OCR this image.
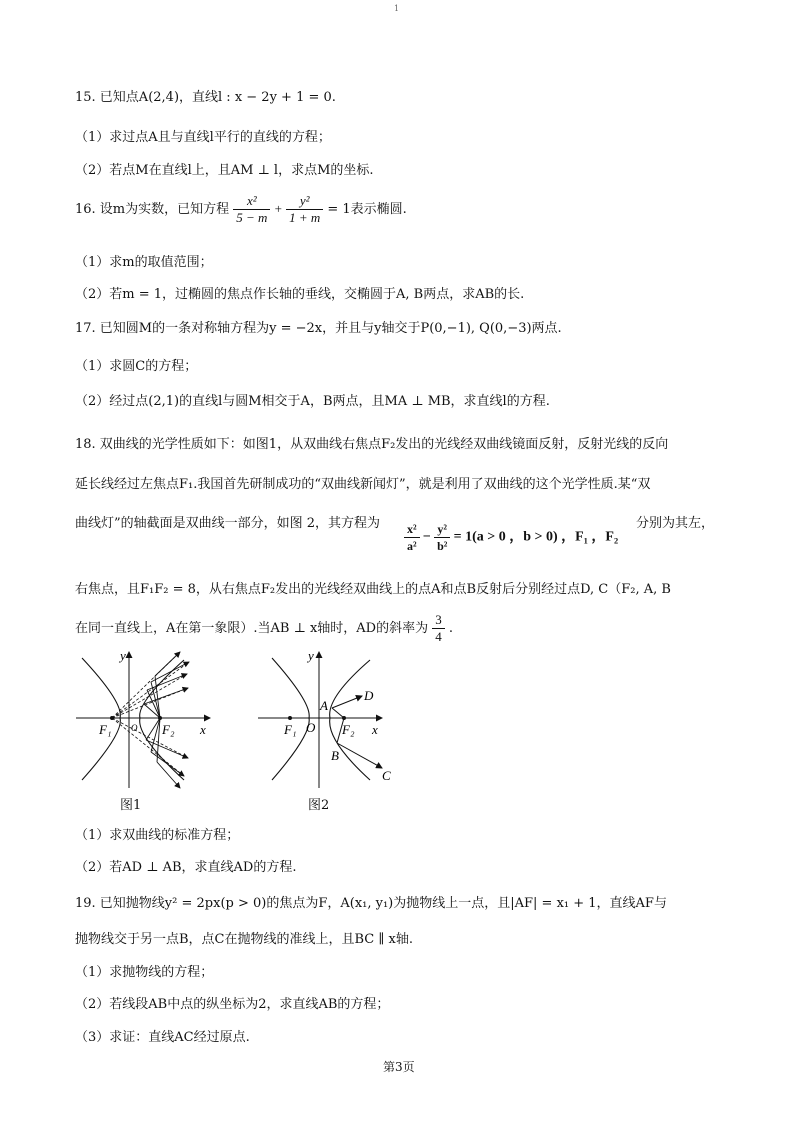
1
15. 已知点A(2,4)，直线l : x − 2y + 1 = 0.
（1）求过点A且与直线l平行的直线的方程；
（2）若点M在直线l上，且AM ⊥ l，求点M的坐标.
16. 设m为实数，已知方程 $\frac{\text{x²}}{5 - m} + \frac{\text{y²}}{1 + m} = 1$表示椭圆.
（1）求m的取值范围；
（2）若m = 1，过椭圆的焦点作长轴的垂线，交椭圆于A, B两点，求AB的长.
17. 已知圆M的一条对称轴方程为y = −2x，并且与y轴交于P(0,−1), Q(0,−3)两点.
（1）求圆C的方程；
（2）经过点(2,1)的直线l与圆M相交于A，B两点，且MA ⊥ MB，求直线l的方程.
18. 双曲线的光学性质如下：如图1，从双曲线右焦点F₂发出的光线经双曲线镜面反射，反射光线的反向
延长线经过左焦点F₁.我国首先研制成功的“双曲线新闻灯”，就是利用了双曲线的这个光学性质.某“双
曲线灯”的轴截面是双曲线一部分，如图 2，其方程为	分别为其左，
$\frac{\text{x²}}{\text{a²}} - \frac{\text{y²}}{\text{b²}} = 1(a > 0$ ，b > 0) ，F₁ ，F₂
右焦点，且F₁F₂ = 8，从右焦点F₂发出的光线经双曲线上的点A和点B反射后分别经过点D, C（F₂, A, B
在同一直线上，A在第一象限）.当AB ⊥ x轴时，AD的斜率为 $\frac{3}{4}$ .
y
x
F₁ O F₂
图1
y
x
F₁ O F₂
A
B
C
D
图2
（1）求双曲线的标准方程；
（2）若AD ⊥ AB，求直线AD的方程.
19. 已知抛物线y² = 2px(p > 0)的焦点为F，A(x₁, y₁)为抛物线上一点，且|AF| = x₁ + 1，直线AF与
抛物线交于另一点B，点C在抛物线的准线上，且BC ∥ x轴.
（1）求抛物线的方程；
（2）若线段AB中点的纵坐标为2，求直线AB的方程；
（3）求证：直线AC经过原点.
第3页
